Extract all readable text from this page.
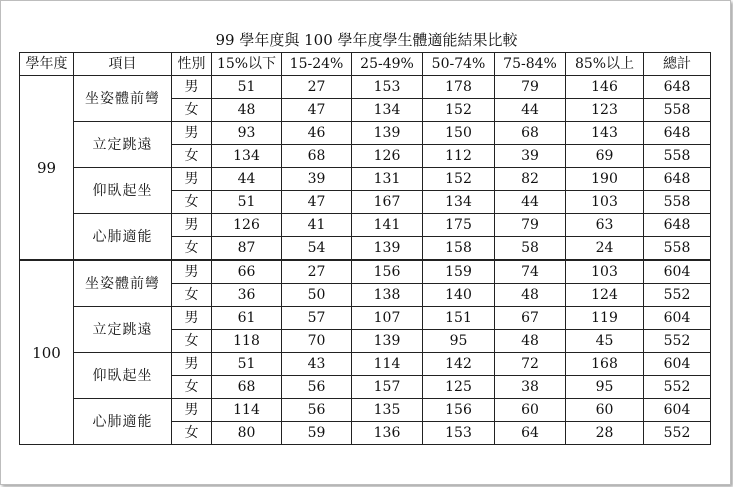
99 學年度與 100 學年度學生體適能結果比較
學年度	項目	性別	15%以下	15-24%	25-49%	50-74%	75-84%	85%以上	總計
99	坐姿體前彎	男	51	27	153	178	79	146	648
		女	48	47	134	152	44	123	558
	立定跳遠	男	93	46	139	150	68	143	648
		女	134	68	126	112	39	69	558
	仰臥起坐	男	44	39	131	152	82	190	648
		女	51	47	167	134	44	103	558
	心肺適能	男	126	41	141	175	79	63	648
		女	87	54	139	158	58	24	558
100	坐姿體前彎	男	66	27	156	159	74	103	604
		女	36	50	138	140	48	124	552
	立定跳遠	男	61	57	107	151	67	119	604
		女	118	70	139	95	48	45	552
	仰臥起坐	男	51	43	114	142	72	168	604
		女	68	56	157	125	38	95	552
	心肺適能	男	114	56	135	156	60	60	604
		女	80	59	136	153	64	28	552
